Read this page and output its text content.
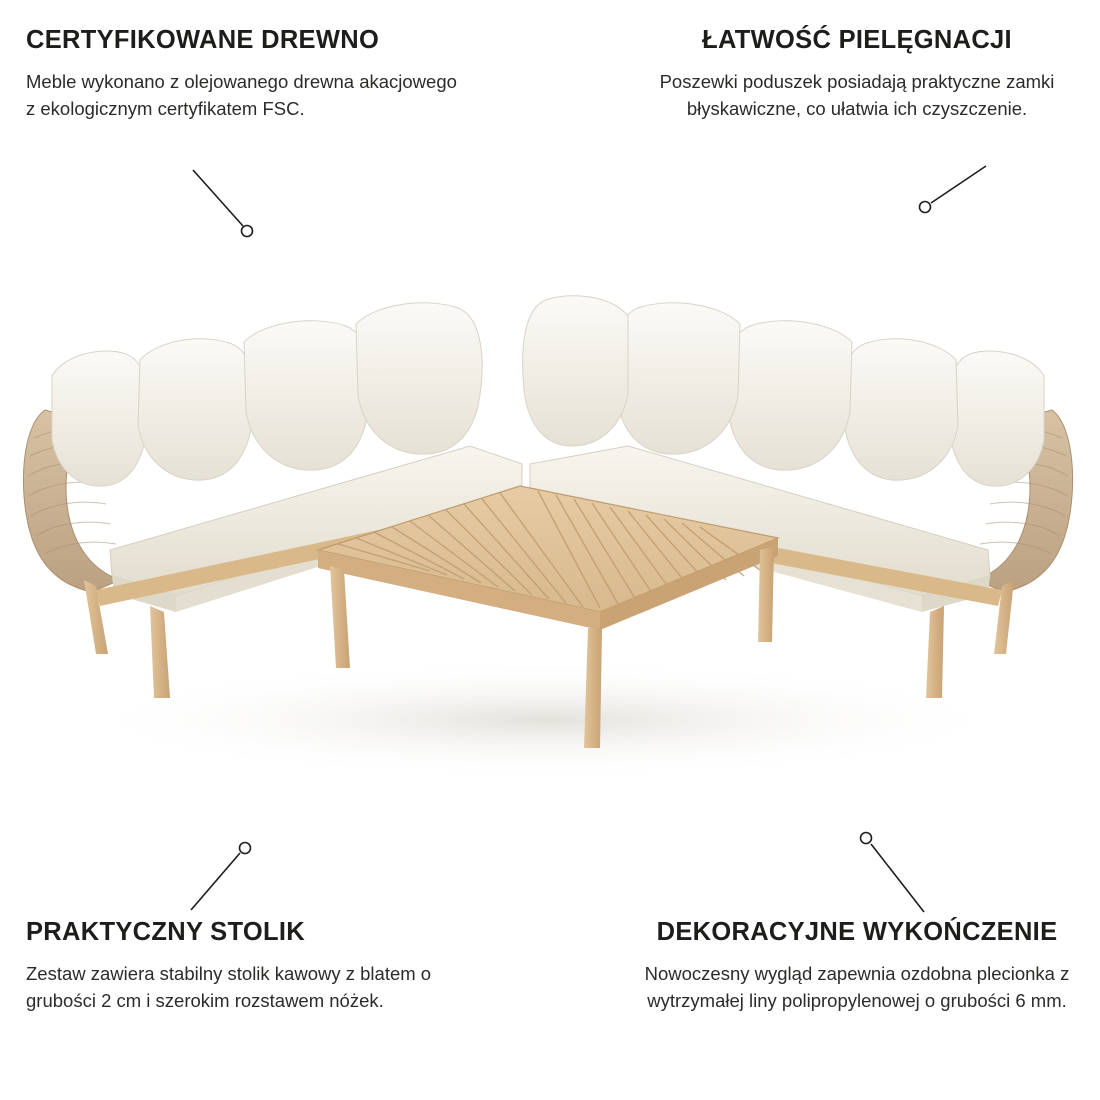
CERTYFIKOWANE DREWNO

Meble wykonano z olejowanego drewna akacjowego z ekologicznym certyfikatem FSC.

ŁATWOŚĆ PIELĘGNACJI

Poszewki poduszek posiadają praktyczne zamki błyskawiczne, co ułatwia ich czyszczenie.

PRAKTYCZNY STOLIK

Zestaw zawiera stabilny stolik kawowy z blatem o grubości 2 cm i szerokim rozstawem nóżek.

DEKORACYJNE WYKOŃCZENIE

Nowoczesny wygląd zapewnia ozdobna plecionka z wytrzymałej liny polipropylenowej o grubości 6 mm.
